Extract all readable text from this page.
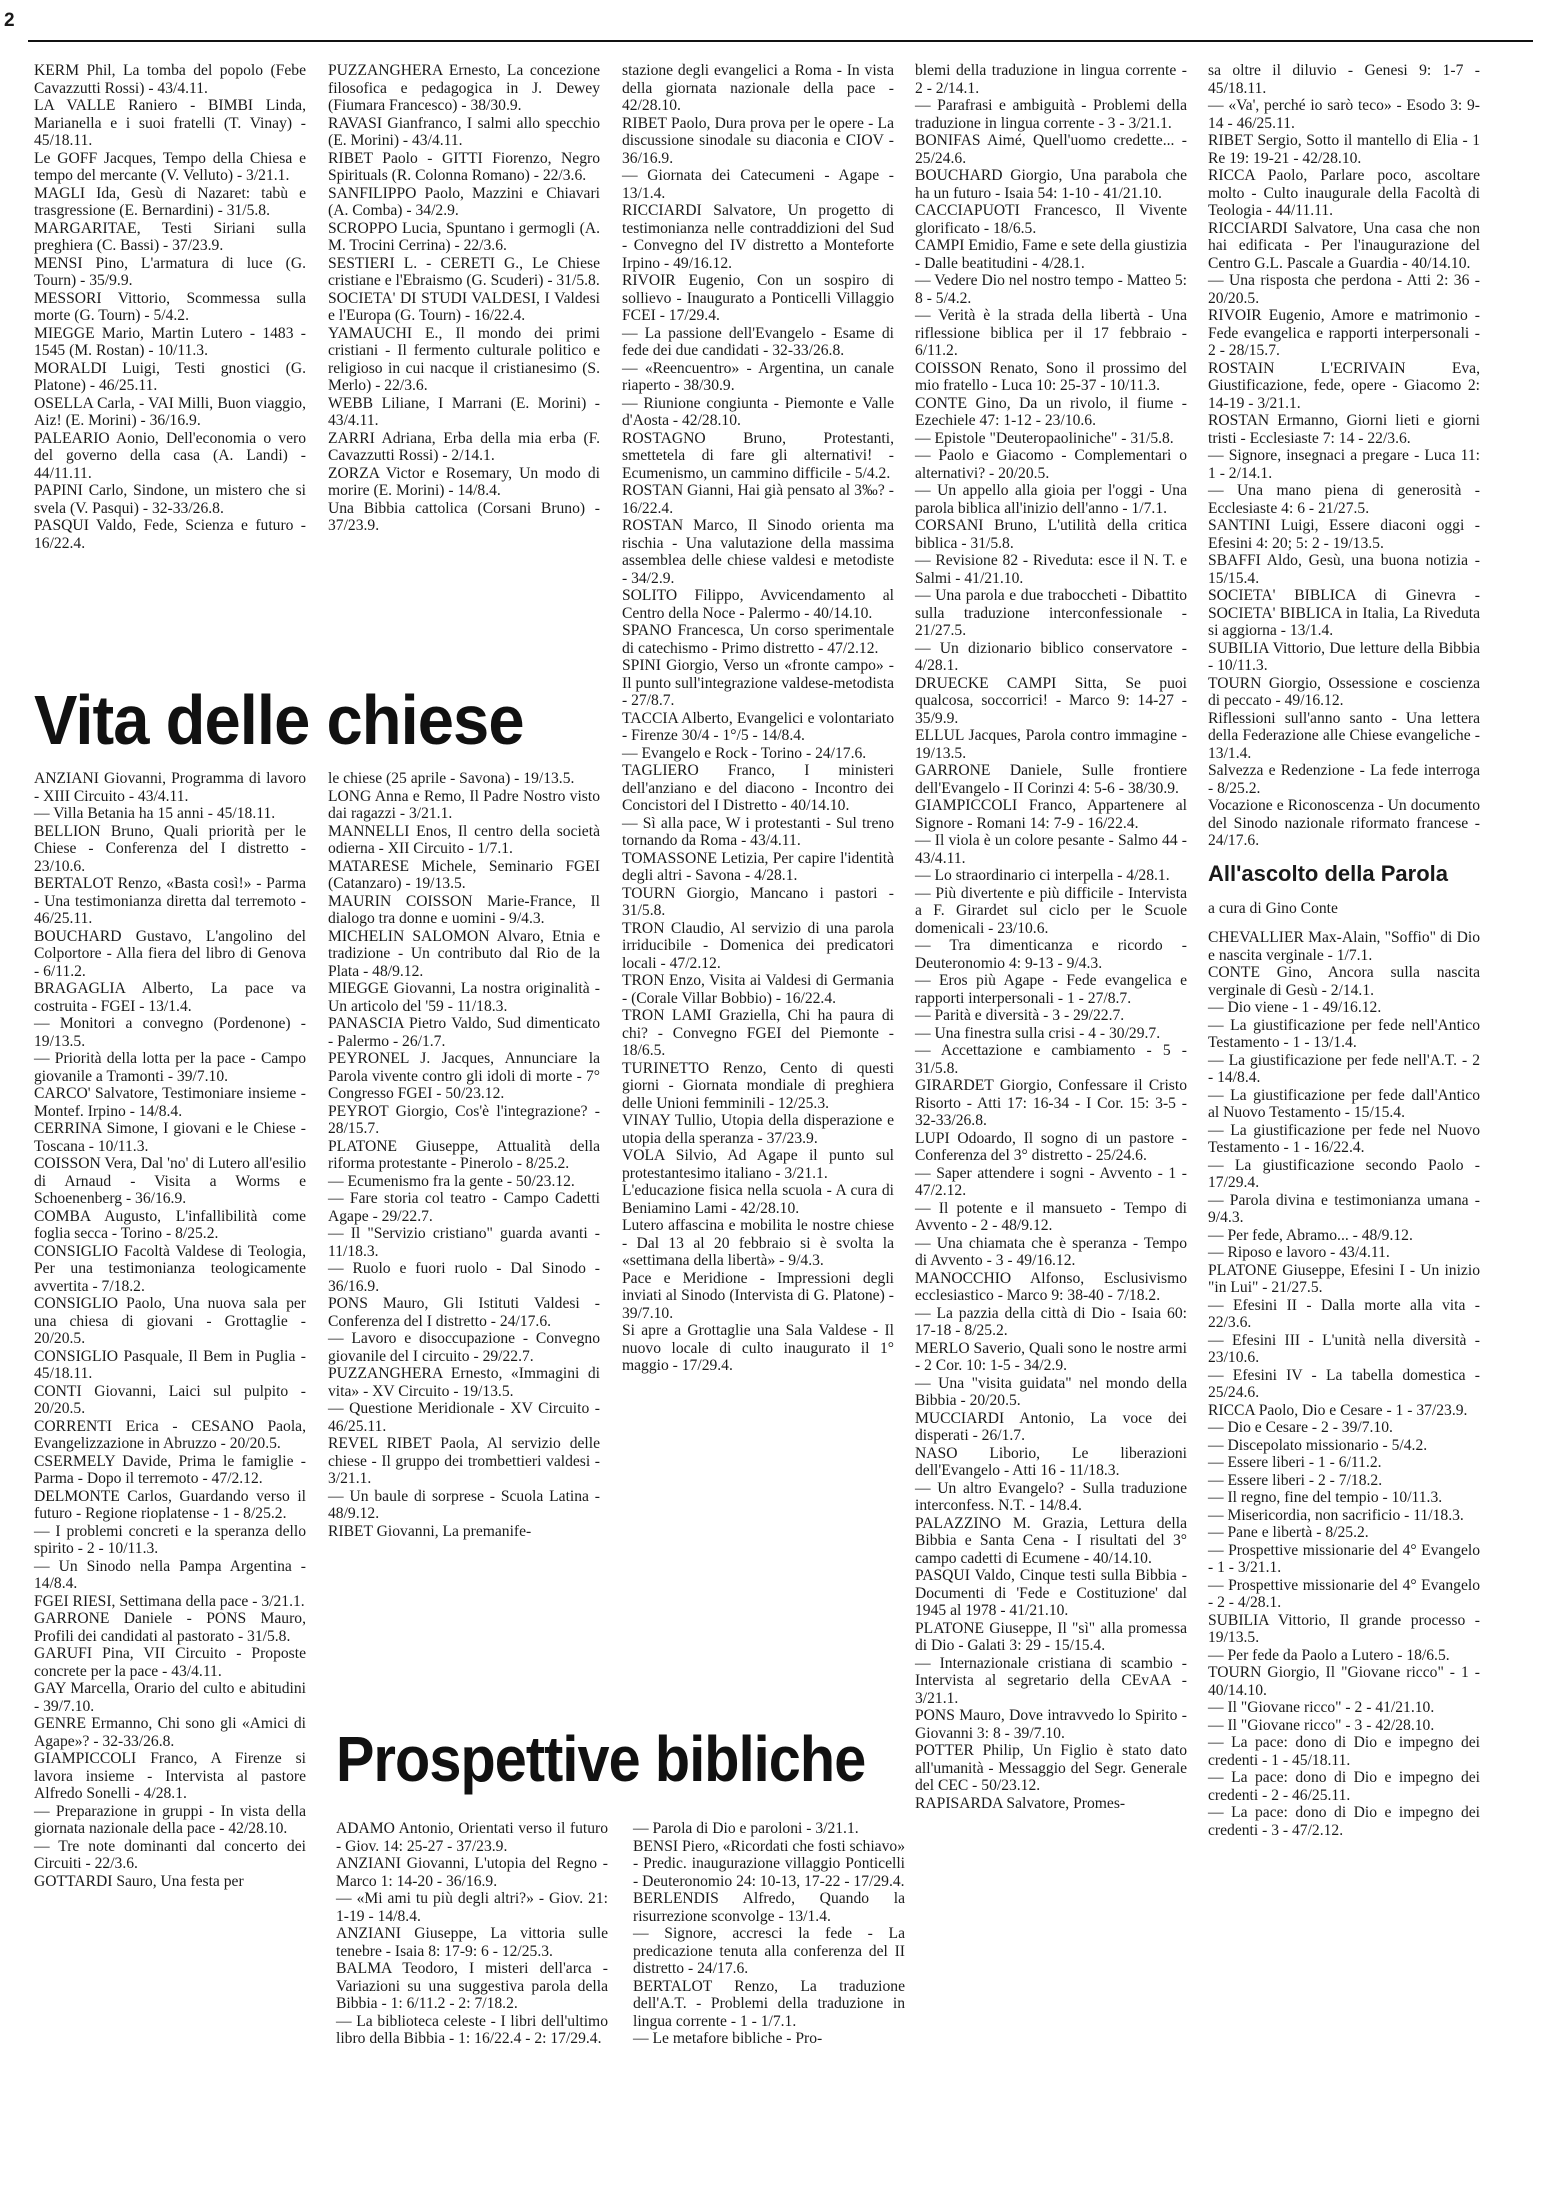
2

KERM Phil, La tomba del popolo (Febe Cavazzutti Rossi) - 43/4.11.

LA VALLE Raniero - BIMBI Linda, Marianella e i suoi fratelli (T. Vinay) - 45/18.11.

Le GOFF Jacques, Tempo della Chiesa e tempo del mercante (V. Velluto) - 3/21.1.

MAGLI Ida, Gesù di Nazaret: tabù e trasgressione (E. Bernardini) - 31/5.8.

MARGARITAE, Testi Siriani sulla preghiera (C. Bassi) - 37/23.9.

MENSI Pino, L'armatura di luce (G. Tourn) - 35/9.9.

MESSORI Vittorio, Scommessa sulla morte (G. Tourn) - 5/4.2.

MIEGGE Mario, Martin Lutero - 1483 - 1545 (M. Rostan) - 10/11.3.

MORALDI Luigi, Testi gnostici (G. Platone) - 46/25.11.

OSELLA Carla, - VAI Milli, Buon viaggio, Aiz! (E. Morini) - 36/16.9.

PALEARIO Aonio, Dell'economia o vero del governo della casa (A. Landi) - 44/11.11.

PAPINI Carlo, Sindone, un mistero che si svela (V. Pasqui) - 32-33/26.8.

PASQUI Valdo, Fede, Scienza e futuro - 16/22.4.

PUZZANGHERA Ernesto, La concezione filosofica e pedagogica in J. Dewey (Fiumara Francesco) - 38/30.9.

RAVASI Gianfranco, I salmi allo specchio (E. Morini) - 43/4.11.

RIBET Paolo - GITTI Fiorenzo, Negro Spirituals (R. Colonna Romano) - 22/3.6.

SANFILIPPO Paolo, Mazzini e Chiavari (A. Comba) - 34/2.9.

SCROPPO Lucia, Spuntano i germogli (A. M. Trocini Cerrina) - 22/3.6.

SESTIERI L. - CERETI G., Le Chiese cristiane e l'Ebraismo (G. Scuderi) - 31/5.8.

SOCIETA' DI STUDI VALDESI, I Valdesi e l'Europa (G. Tourn) - 16/22.4.

YAMAUCHI E., Il mondo dei primi cristiani - Il fermento culturale politico e religioso in cui nacque il cristianesimo (S. Merlo) - 22/3.6.

WEBB Liliane, I Marrani (E. Morini) - 43/4.11.

ZARRI Adriana, Erba della mia erba (F. Cavazzutti Rossi) - 2/14.1.

ZORZA Victor e Rosemary, Un modo di morire (E. Morini) - 14/8.4.

Una Bibbia cattolica (Corsani Bruno) - 37/23.9.

Vita delle chiese

ANZIANI Giovanni, Programma di lavoro - XIII Circuito - 43/4.11.

— Villa Betania ha 15 anni - 45/18.11.

BELLION Bruno, Quali priorità per le Chiese - Conferenza del I distretto - 23/10.6.

BERTALOT Renzo, «Basta così!» - Parma - Una testimonianza diretta dal terremoto - 46/25.11.

BOUCHARD Gustavo, L'angolino del Colportore - Alla fiera del libro di Genova - 6/11.2.

BRAGAGLIA Alberto, La pace va costruita - FGEI - 13/1.4.

— Monitori a convegno (Pordenone) - 19/13.5.

— Priorità della lotta per la pace - Campo giovanile a Tramonti - 39/7.10.

CARCO' Salvatore, Testimoniare insieme - Montef. Irpino - 14/8.4.

CERRINA Simone, I giovani e le Chiese - Toscana - 10/11.3.

COISSON Vera, Dal 'no' di Lutero all'esilio di Arnaud - Visita a Worms e Schoenenberg - 36/16.9.

COMBA Augusto, L'infallibilità come foglia secca - Torino - 8/25.2.

CONSIGLIO Facoltà Valdese di Teologia, Per una testimonianza teologicamente avvertita - 7/18.2.

CONSIGLIO Paolo, Una nuova sala per una chiesa di giovani - Grottaglie - 20/20.5.

CONSIGLIO Pasquale, Il Bem in Puglia - 45/18.11.

CONTI Giovanni, Laici sul pulpito - 20/20.5.

CORRENTI Erica - CESANO Paola, Evangelizzazione in Abruzzo - 20/20.5.

CSERMELY Davide, Prima le famiglie - Parma - Dopo il terremoto - 47/2.12.

DELMONTE Carlos, Guardando verso il futuro - Regione rioplatense - 1 - 8/25.2.

— I problemi concreti e la speranza dello spirito - 2 - 10/11.3.

— Un Sinodo nella Pampa Argentina - 14/8.4.

FGEI RIESI, Settimana della pace - 3/21.1.

GARRONE Daniele - PONS Mauro, Profili dei candidati al pastorato - 31/5.8.

GARUFI Pina, VII Circuito - Proposte concrete per la pace - 43/4.11.

GAY Marcella, Orario del culto e abitudini - 39/7.10.

GENRE Ermanno, Chi sono gli «Amici di Agape»? - 32-33/26.8.

GIAMPICCOLI Franco, A Firenze si lavora insieme - Intervista al pastore Alfredo Sonelli - 4/28.1.

— Preparazione in gruppi - In vista della giornata nazionale della pace - 42/28.10.

— Tre note dominanti dal concerto dei Circuiti - 22/3.6.

GOTTARDI Sauro, Una festa per

le chiese (25 aprile - Savona) - 19/13.5.

LONG Anna e Remo, Il Padre Nostro visto dai ragazzi - 3/21.1.

MANNELLI Enos, Il centro della società odierna - XII Circuito - 1/7.1.

MATARESE Michele, Seminario FGEI (Catanzaro) - 19/13.5.

MAURIN COISSON Marie-France, Il dialogo tra donne e uomini - 9/4.3.

MICHELIN SALOMON Alvaro, Etnia e tradizione - Un contributo dal Rio de la Plata - 48/9.12.

MIEGGE Giovanni, La nostra originalità - Un articolo del '59 - 11/18.3.

PANASCIA Pietro Valdo, Sud dimenticato - Palermo - 26/1.7.

PEYRONEL J. Jacques, Annunciare la Parola vivente contro gli idoli di morte - 7° Congresso FGEI - 50/23.12.

PEYROT Giorgio, Cos'è l'integrazione? - 28/15.7.

PLATONE Giuseppe, Attualità della riforma protestante - Pinerolo - 8/25.2.

— Ecumenismo fra la gente - 50/23.12.

— Fare storia col teatro - Campo Cadetti Agape - 29/22.7.

— Il "Servizio cristiano" guarda avanti - 11/18.3.

— Ruolo e fuori ruolo - Dal Sinodo - 36/16.9.

PONS Mauro, Gli Istituti Valdesi - Conferenza del I distretto - 24/17.6.

— Lavoro e disoccupazione - Convegno giovanile del I circuito - 29/22.7.

PUZZANGHERA Ernesto, «Immagini di vita» - XV Circuito - 19/13.5.

— Questione Meridionale - XV Circuito - 46/25.11.

REVEL RIBET Paola, Al servizio delle chiese - Il gruppo dei trombettieri valdesi - 3/21.1.

— Un baule di sorprese - Scuola Latina - 48/9.12.

RIBET Giovanni, La premanife-

stazione degli evangelici a Roma - In vista della giornata nazionale della pace - 42/28.10.

RIBET Paolo, Dura prova per le opere - La discussione sinodale su diaconia e CIOV - 36/16.9.

— Giornata dei Catecumeni - Agape - 13/1.4.

RICCIARDI Salvatore, Un progetto di testimonianza nelle contraddizioni del Sud - Convegno del IV distretto a Monteforte Irpino - 49/16.12.

RIVOIR Eugenio, Con un sospiro di sollievo - Inaugurato a Ponticelli Villaggio FCEI - 17/29.4.

— La passione dell'Evangelo - Esame di fede dei due candidati - 32-33/26.8.

— «Reencuentro» - Argentina, un canale riaperto - 38/30.9.

— Riunione congiunta - Piemonte e Valle d'Aosta - 42/28.10.

ROSTAGNO Bruno, Protestanti, smettetela di fare gli alternativi! - Ecumenismo, un cammino difficile - 5/4.2.

ROSTAN Gianni, Hai già pensato al 3‰? - 16/22.4.

ROSTAN Marco, Il Sinodo orienta ma rischia - Una valutazione della massima assemblea delle chiese valdesi e metodiste - 34/2.9.

SOLITO Filippo, Avvicendamento al Centro della Noce - Palermo - 40/14.10.

SPANO Francesca, Un corso sperimentale di catechismo - Primo distretto - 47/2.12.

SPINI Giorgio, Verso un «fronte campo» - Il punto sull'integrazione valdese-metodista - 27/8.7.

TACCIA Alberto, Evangelici e volontariato - Firenze 30/4 - 1°/5 - 14/8.4.

— Evangelo e Rock - Torino - 24/17.6.

TAGLIERO Franco, I ministeri dell'anziano e del diacono - Incontro dei Concistori del I Distretto - 40/14.10.

— Sì alla pace, W i protestanti - Sul treno tornando da Roma - 43/4.11.

TOMASSONE Letizia, Per capire l'identità degli altri - Savona - 4/28.1.

TOURN Giorgio, Mancano i pastori - 31/5.8.

TRON Claudio, Al servizio di una parola irriducibile - Domenica dei predicatori locali - 47/2.12.

TRON Enzo, Visita ai Valdesi di Germania - (Corale Villar Bobbio) - 16/22.4.

TRON LAMI Graziella, Chi ha paura di chi? - Convegno FGEI del Piemonte - 18/6.5.

TURINETTO Renzo, Cento di questi giorni - Giornata mondiale di preghiera delle Unioni femminili - 12/25.3.

VINAY Tullio, Utopia della disperazione e utopia della speranza - 37/23.9.

VOLA Silvio, Ad Agape il punto sul protestantesimo italiano - 3/21.1.

L'educazione fisica nella scuola - A cura di Beniamino Lami - 42/28.10.

Lutero affascina e mobilita le nostre chiese - Dal 13 al 20 febbraio si è svolta la «settimana della libertà» - 9/4.3.

Pace e Meridione - Impressioni degli inviati al Sinodo (Intervista di G. Platone) - 39/7.10.

Si apre a Grottaglie una Sala Valdese - Il nuovo locale di culto inaugurato il 1° maggio - 17/29.4.

Prospettive bibliche

ADAMO Antonio, Orientati verso il futuro - Giov. 14: 25-27 - 37/23.9.

ANZIANI Giovanni, L'utopia del Regno - Marco 1: 14-20 - 36/16.9.

— «Mi ami tu più degli altri?» - Giov. 21: 1-19 - 14/8.4.

ANZIANI Giuseppe, La vittoria sulle tenebre - Isaia 8: 17-9: 6 - 12/25.3.

BALMA Teodoro, I misteri dell'arca - Variazioni su una suggestiva parola della Bibbia - 1: 6/11.2 - 2: 7/18.2.

— La biblioteca celeste - I libri dell'ultimo libro della Bibbia - 1: 16/22.4 - 2: 17/29.4.

— Parola di Dio e paroloni - 3/21.1.

BENSI Piero, «Ricordati che fosti schiavo» - Predic. inaugurazione villaggio Ponticelli - Deuteronomio 24: 10-13, 17-22 - 17/29.4.

BERLENDIS Alfredo, Quando la risurrezione sconvolge - 13/1.4.

— Signore, accresci la fede - La predicazione tenuta alla conferenza del II distretto - 24/17.6.

BERTALOT Renzo, La traduzione dell'A.T. - Problemi della traduzione in lingua corrente - 1 - 1/7.1.

— Le metafore bibliche - Pro-

blemi della traduzione in lingua corrente - 2 - 2/14.1.

— Parafrasi e ambiguità - Problemi della traduzione in lingua corrente - 3 - 3/21.1.

BONIFAS Aimé, Quell'uomo credette... - 25/24.6.

BOUCHARD Giorgio, Una parabola che ha un futuro - Isaia 54: 1-10 - 41/21.10.

CACCIAPUOTI Francesco, Il Vivente glorificato - 18/6.5.

CAMPI Emidio, Fame e sete della giustizia - Dalle beatitudini - 4/28.1.

— Vedere Dio nel nostro tempo - Matteo 5: 8 - 5/4.2.

— Verità è la strada della libertà - Una riflessione biblica per il 17 febbraio - 6/11.2.

COISSON Renato, Sono il prossimo del mio fratello - Luca 10: 25-37 - 10/11.3.

CONTE Gino, Da un rivolo, il fiume - Ezechiele 47: 1-12 - 23/10.6.

— Epistole "Deuteropaoliniche" - 31/5.8.

— Paolo e Giacomo - Complementari o alternativi? - 20/20.5.

— Un appello alla gioia per l'oggi - Una parola biblica all'inizio dell'anno - 1/7.1.

CORSANI Bruno, L'utilità della critica biblica - 31/5.8.

— Revisione 82 - Riveduta: esce il N. T. e Salmi - 41/21.10.

— Una parola e due traboccheti - Dibattito sulla traduzione interconfessionale - 21/27.5.

— Un dizionario biblico conservatore - 4/28.1.

DRUECKE CAMPI Sitta, Se puoi qualcosa, soccorrici! - Marco 9: 14-27 - 35/9.9.

ELLUL Jacques, Parola contro immagine - 19/13.5.

GARRONE Daniele, Sulle frontiere dell'Evangelo - II Corinzi 4: 5-6 - 38/30.9.

GIAMPICCOLI Franco, Appartenere al Signore - Romani 14: 7-9 - 16/22.4.

— Il viola è un colore pesante - Salmo 44 - 43/4.11.

— Lo straordinario ci interpella - 4/28.1.

— Più divertente e più difficile - Intervista a F. Girardet sul ciclo per le Scuole domenicali - 23/10.6.

— Tra dimenticanza e ricordo - Deuteronomio 4: 9-13 - 9/4.3.

— Eros più Agape - Fede evangelica e rapporti interpersonali - 1 - 27/8.7.

— Parità e diversità - 3 - 29/22.7.

— Una finestra sulla crisi - 4 - 30/29.7.

— Accettazione e cambiamento - 5 - 31/5.8.

GIRARDET Giorgio, Confessare il Cristo Risorto - Atti 17: 16-34 - I Cor. 15: 3-5 - 32-33/26.8.

LUPI Odoardo, Il sogno di un pastore - Conferenza del 3° distretto - 25/24.6.

— Saper attendere i sogni - Avvento - 1 - 47/2.12.

— Il potente e il mansueto - Tempo di Avvento - 2 - 48/9.12.

— Una chiamata che è speranza - Tempo di Avvento - 3 - 49/16.12.

MANOCCHIO Alfonso, Esclusivismo ecclesiastico - Marco 9: 38-40 - 7/18.2.

— La pazzia della città di Dio - Isaia 60: 17-18 - 8/25.2.

MERLO Saverio, Quali sono le nostre armi - 2 Cor. 10: 1-5 - 34/2.9.

— Una "visita guidata" nel mondo della Bibbia - 20/20.5.

MUCCIARDI Antonio, La voce dei disperati - 26/1.7.

NASO Liborio, Le liberazioni dell'Evangelo - Atti 16 - 11/18.3.

— Un altro Evangelo? - Sulla traduzione interconfess. N.T. - 14/8.4.

PALAZZINO M. Grazia, Lettura della Bibbia e Santa Cena - I risultati del 3° campo cadetti di Ecumene - 40/14.10.

PASQUI Valdo, Cinque testi sulla Bibbia - Documenti di 'Fede e Costituzione' dal 1945 al 1978 - 41/21.10.

PLATONE Giuseppe, Il "sì" alla promessa di Dio - Galati 3: 29 - 15/15.4.

— Internazionale cristiana di scambio - Intervista al segretario della CEvAA - 3/21.1.

PONS Mauro, Dove intravvedo lo Spirito - Giovanni 3: 8 - 39/7.10.

POTTER Philip, Un Figlio è stato dato all'umanità - Messaggio del Segr. Generale del CEC - 50/23.12.

RAPISARDA Salvatore, Promes-

sa oltre il diluvio - Genesi 9: 1-7 - 45/18.11.

— «Va', perché io sarò teco» - Esodo 3: 9-14 - 46/25.11.

RIBET Sergio, Sotto il mantello di Elia - 1 Re 19: 19-21 - 42/28.10.

RICCA Paolo, Parlare poco, ascoltare molto - Culto inaugurale della Facoltà di Teologia - 44/11.11.

RICCIARDI Salvatore, Una casa che non hai edificata - Per l'inaugurazione del Centro G.L. Pascale a Guardia - 40/14.10.

— Una risposta che perdona - Atti 2: 36 - 20/20.5.

RIVOIR Eugenio, Amore e matrimonio - Fede evangelica e rapporti interpersonali - 2 - 28/15.7.

ROSTAIN L'ECRIVAIN Eva, Giustificazione, fede, opere - Giacomo 2: 14-19 - 3/21.1.

ROSTAN Ermanno, Giorni lieti e giorni tristi - Ecclesiaste 7: 14 - 22/3.6.

— Signore, insegnaci a pregare - Luca 11: 1 - 2/14.1.

— Una mano piena di generosità - Ecclesiaste 4: 6 - 21/27.5.

SANTINI Luigi, Essere diaconi oggi - Efesini 4: 20; 5: 2 - 19/13.5.

SBAFFI Aldo, Gesù, una buona notizia - 15/15.4.

SOCIETA' BIBLICA di Ginevra - SOCIETA' BIBLICA in Italia, La Riveduta si aggiorna - 13/1.4.

SUBILIA Vittorio, Due letture della Bibbia - 10/11.3.

TOURN Giorgio, Ossessione e coscienza di peccato - 49/16.12.

Riflessioni sull'anno santo - Una lettera della Federazione alle Chiese evangeliche - 13/1.4.

Salvezza e Redenzione - La fede interroga - 8/25.2.

Vocazione e Riconoscenza - Un documento del Sinodo nazionale riformato francese - 24/17.6.

All'ascolto della Parola

a cura di Gino Conte

CHEVALLIER Max-Alain, "Soffio" di Dio e nascita verginale - 1/7.1.

CONTE Gino, Ancora sulla nascita verginale di Gesù - 2/14.1.

— Dio viene - 1 - 49/16.12.

— La giustificazione per fede nell'Antico Testamento - 1 - 13/1.4.

— La giustificazione per fede nell'A.T. - 2 - 14/8.4.

— La giustificazione per fede dall'Antico al Nuovo Testamento - 15/15.4.

— La giustificazione per fede nel Nuovo Testamento - 1 - 16/22.4.

— La giustificazione secondo Paolo - 17/29.4.

— Parola divina e testimonianza umana - 9/4.3.

— Per fede, Abramo... - 48/9.12.

— Riposo e lavoro - 43/4.11.

PLATONE Giuseppe, Efesini I - Un inizio "in Lui" - 21/27.5.

— Efesini II - Dalla morte alla vita - 22/3.6.

— Efesini III - L'unità nella diversità - 23/10.6.

— Efesini IV - La tabella domestica - 25/24.6.

RICCA Paolo, Dio e Cesare - 1 - 37/23.9.

— Dio e Cesare - 2 - 39/7.10.

— Discepolato missionario - 5/4.2.

— Essere liberi - 1 - 6/11.2.

— Essere liberi - 2 - 7/18.2.

— Il regno, fine del tempio - 10/11.3.

— Misericordia, non sacrificio - 11/18.3.

— Pane e libertà - 8/25.2.

— Prospettive missionarie del 4° Evangelo - 1 - 3/21.1.

— Prospettive missionarie del 4° Evangelo - 2 - 4/28.1.

SUBILIA Vittorio, Il grande processo - 19/13.5.

— Per fede da Paolo a Lutero - 18/6.5.

TOURN Giorgio, Il "Giovane ricco" - 1 - 40/14.10.

— Il "Giovane ricco" - 2 - 41/21.10.

— Il "Giovane ricco" - 3 - 42/28.10.

— La pace: dono di Dio e impegno dei credenti - 1 - 45/18.11.

— La pace: dono di Dio e impegno dei credenti - 2 - 46/25.11.

— La pace: dono di Dio e impegno dei credenti - 3 - 47/2.12.
